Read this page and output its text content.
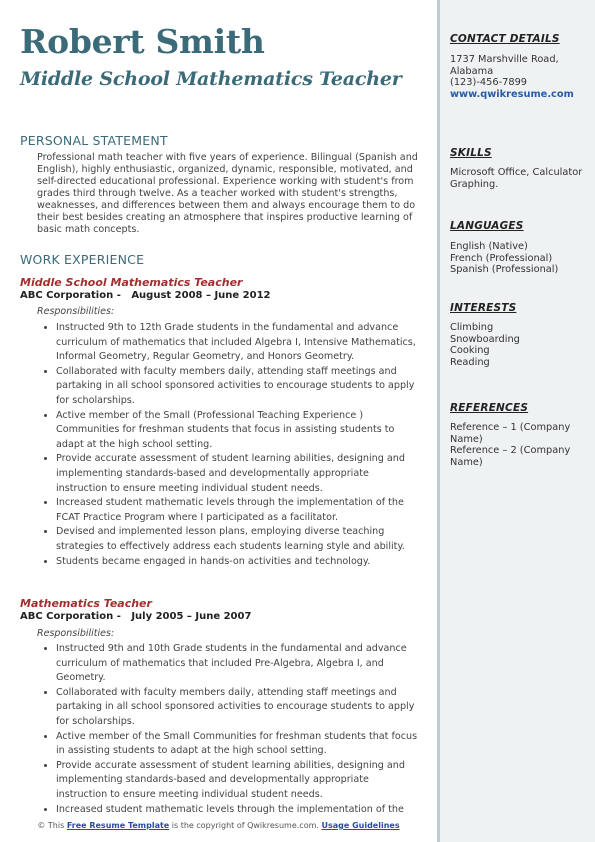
Robert Smith
Middle School Mathematics Teacher
PERSONAL STATEMENT
Professional math teacher with five years of experience. Bilingual (Spanish and English), highly enthusiastic, organized, dynamic, responsible, motivated, and self-directed educational professional. Experience working with student's from grades third through twelve. As a teacher worked with student's strengths, weaknesses, and differences between them and always encourage them to do their best besides creating an atmosphere that inspires productive learning of basic math concepts.
WORK EXPERIENCE
Middle School Mathematics Teacher
ABC Corporation - August 2008 – June 2012
Responsibilities:
• Instructed 9th to 12th Grade students in the fundamental and advance curriculum of mathematics that included Algebra I, Intensive Mathematics, Informal Geometry, Regular Geometry, and Honors Geometry.
• Collaborated with faculty members daily, attending staff meetings and partaking in all school sponsored activities to encourage students to apply for scholarships.
• Active member of the Small (Professional Teaching Experience ) Communities for freshman students that focus in assisting students to adapt at the high school setting.
• Provide accurate assessment of student learning abilities, designing and implementing standards-based and developmentally appropriate instruction to ensure meeting individual student needs.
• Increased student mathematic levels through the implementation of the FCAT Practice Program where I participated as a facilitator.
• Devised and implemented lesson plans, employing diverse teaching strategies to effectively address each students learning style and ability.
• Students became engaged in hands-on activities and technology.
Mathematics Teacher
ABC Corporation - July 2005 – June 2007
Responsibilities:
• Instructed 9th and 10th Grade students in the fundamental and advance curriculum of mathematics that included Pre-Algebra, Algebra I, and Geometry.
• Collaborated with faculty members daily, attending staff meetings and partaking in all school sponsored activities to encourage students to apply for scholarships.
• Active member of the Small Communities for freshman students that focus in assisting students to adapt at the high school setting.
• Provide accurate assessment of student learning abilities, designing and implementing standards-based and developmentally appropriate instruction to ensure meeting individual student needs.
• Increased student mathematic levels through the implementation of the
© This Free Resume Template is the copyright of Qwikresume.com. Usage Guidelines
CONTACT DETAILS
1737 Marshville Road, Alabama
(123)-456-7899
www.qwikresume.com
SKILLS
Microsoft Office, Calculator Graphing.
LANGUAGES
English (Native)
French (Professional)
Spanish (Professional)
INTERESTS
Climbing
Snowboarding
Cooking
Reading
REFERENCES
Reference – 1 (Company Name)
Reference – 2 (Company Name)
